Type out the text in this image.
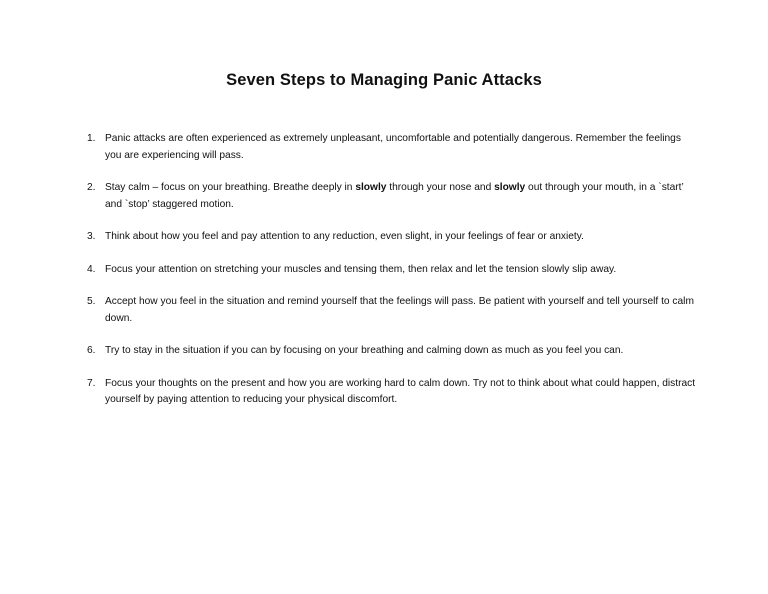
Seven Steps to Managing Panic Attacks
1. Panic attacks are often experienced as extremely unpleasant, uncomfortable and potentially dangerous. Remember the feelings you are experiencing will pass.
2. Stay calm – focus on your breathing. Breathe deeply in slowly through your nose and slowly out through your mouth, in a `start’ and `stop’ staggered motion.
3. Think about how you feel and pay attention to any reduction, even slight, in your feelings of fear or anxiety.
4. Focus your attention on stretching your muscles and tensing them, then relax and let the tension slowly slip away.
5. Accept how you feel in the situation and remind yourself that the feelings will pass. Be patient with yourself and tell yourself to calm down.
6. Try to stay in the situation if you can by focusing on your breathing and calming down as much as you feel you can.
7. Focus your thoughts on the present and how you are working hard to calm down. Try not to think about what could happen, distract yourself by paying attention to reducing your physical discomfort.
